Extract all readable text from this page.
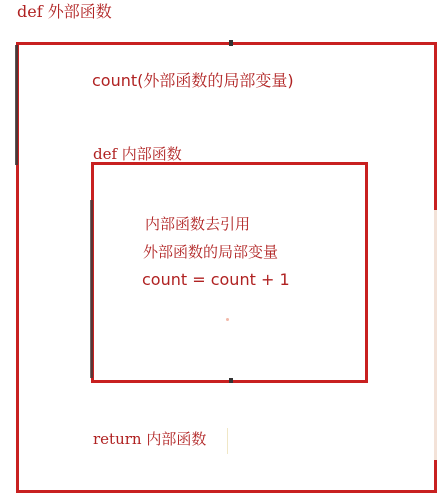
def 外部函数
count(外部函数的局部变量)
def 内部函数
内部函数去引用
外部函数的局部变量
count = count + 1
return 内部函数
